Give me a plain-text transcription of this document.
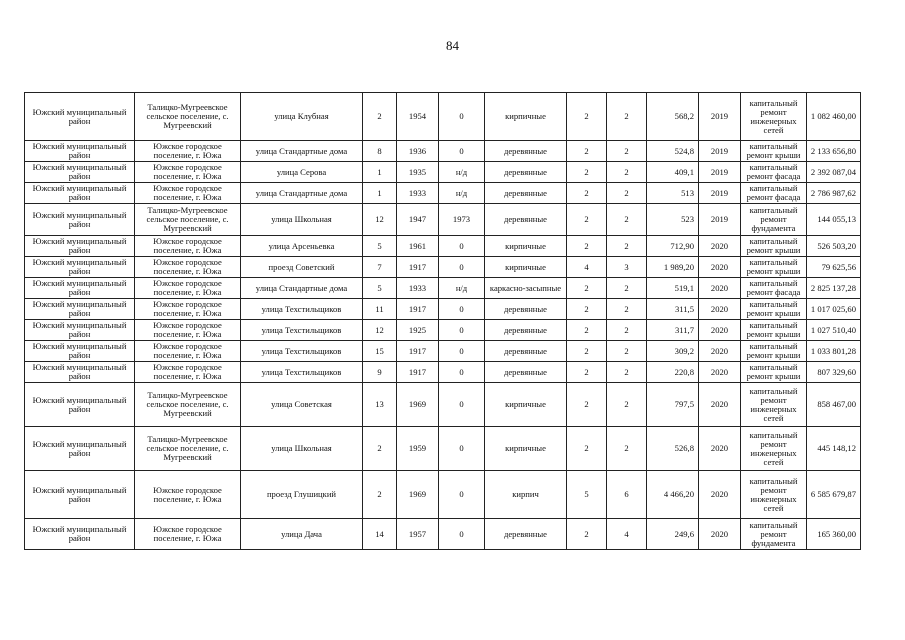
84
Южский муниципальный район	Талицко-Мугреевское сельское поселение, с. Мугреевский	улица Клубная	2	1954	0	кирпичные	2	2	568,2	2019	капитальный ремонт инженерных сетей	1 082 460,00
Южский муниципальный район	Южское городское поселение, г. Южа	улица Стандартные дома	8	1936	0	деревянные	2	2	524,8	2019	капитальный ремонт крыши	2 133 656,80
Южский муниципальный район	Южское городское поселение, г. Южа	улица Серова	1	1935	н/д	деревянные	2	2	409,1	2019	капитальный ремонт фасада	2 392 087,04
Южский муниципальный район	Южское городское поселение, г. Южа	улица Стандартные дома	1	1933	н/д	деревянные	2	2	513	2019	капитальный ремонт фасада	2 786 987,62
Южский муниципальный район	Талицко-Мугреевское сельское поселение, с. Мугреевский	улица Школьная	12	1947	1973	деревянные	2	2	523	2019	капитальный ремонт фундамента	144 055,13
Южский муниципальный район	Южское городское поселение, г. Южа	улица Арсеньевка	5	1961	0	кирпичные	2	2	712,90	2020	капитальный ремонт крыши	526 503,20
Южский муниципальный район	Южское городское поселение, г. Южа	проезд Советский	7	1917	0	кирпичные	4	3	1 989,20	2020	капитальный ремонт крыши	79 625,56
Южский муниципальный район	Южское городское поселение, г. Южа	улица Стандартные дома	5	1933	н/д	каркасно-засыпные	2	2	519,1	2020	капитальный ремонт фасада	2 825 137,28
Южский муниципальный район	Южское городское поселение, г. Южа	улица Техстильщиков	11	1917	0	деревянные	2	2	311,5	2020	капитальный ремонт крыши	1 017 025,60
Южский муниципальный район	Южское городское поселение, г. Южа	улица Техстильщиков	12	1925	0	деревянные	2	2	311,7	2020	капитальный ремонт крыши	1 027 510,40
Южский муниципальный район	Южское городское поселение, г. Южа	улица Техстильщиков	15	1917	0	деревянные	2	2	309,2	2020	капитальный ремонт крыши	1 033 801,28
Южский муниципальный район	Южское городское поселение, г. Южа	улица Техстильщиков	9	1917	0	деревянные	2	2	220,8	2020	капитальный ремонт крыши	807 329,60
Южский муниципальный район	Талицко-Мугреевское сельское поселение, с. Мугреевский	улица Советская	13	1969	0	кирпичные	2	2	797,5	2020	капитальный ремонт инженерных сетей	858 467,00
Южский муниципальный район	Талицко-Мугреевское сельское поселение, с. Мугреевский	улица Школьная	2	1959	0	кирпичные	2	2	526,8	2020	капитальный ремонт инженерных сетей	445 148,12
Южский муниципальный район	Южское городское поселение, г. Южа	проезд Глушицкий	2	1969	0	кирпич	5	6	4 466,20	2020	капитальный ремонт инженерных сетей	6 585 679,87
Южский муниципальный район	Южское городское поселение, г. Южа	улица Дача	14	1957	0	деревянные	2	4	249,6	2020	капитальный ремонт фундамента	165 360,00
